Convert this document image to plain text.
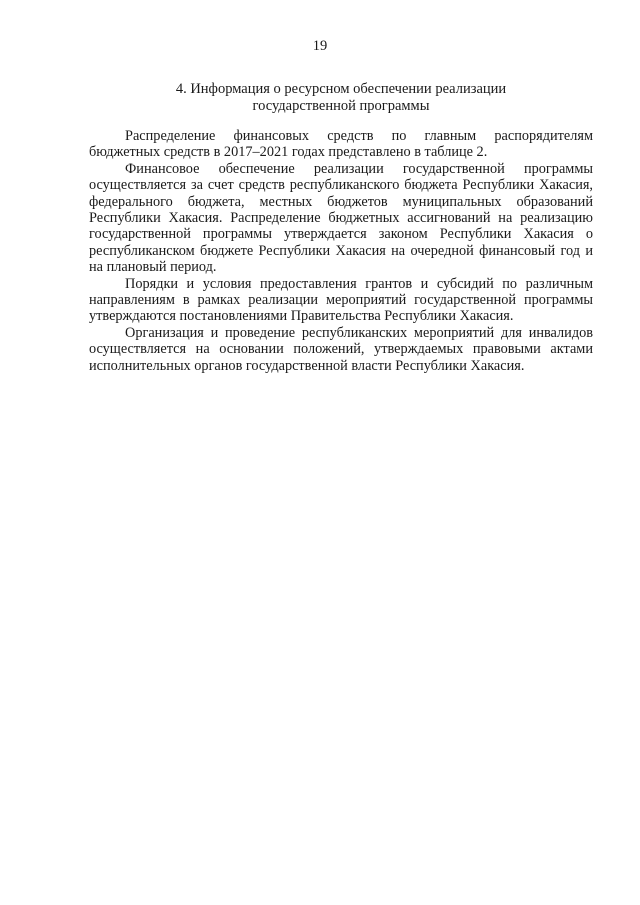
19
4. Информация о ресурсном обеспечении реализации
государственной программы

Распределение финансовых средств по главным распорядителям бюджетных средств в 2017–2021 годах представлено в таблице 2.

Финансовое обеспечение реализации государственной программы осуществляется за счет средств республиканского бюджета Республики Хакасия, федерального бюджета, местных бюджетов муниципальных образований Республики Хакасия. Распределение бюджетных ассигнований на реализацию государственной программы утверждается законом Республики Хакасия о республиканском бюджете Республики Хакасия на очередной финансовый год и на плановый период.

Порядки и условия предоставления грантов и субсидий по различным направлениям в рамках реализации мероприятий государственной программы утверждаются постановлениями Правительства Республики Хакасия.

Организация и проведение республиканских мероприятий для инвалидов осуществляется на основании положений, утверждаемых правовыми актами исполнительных органов государственной власти Республики Хакасия.
